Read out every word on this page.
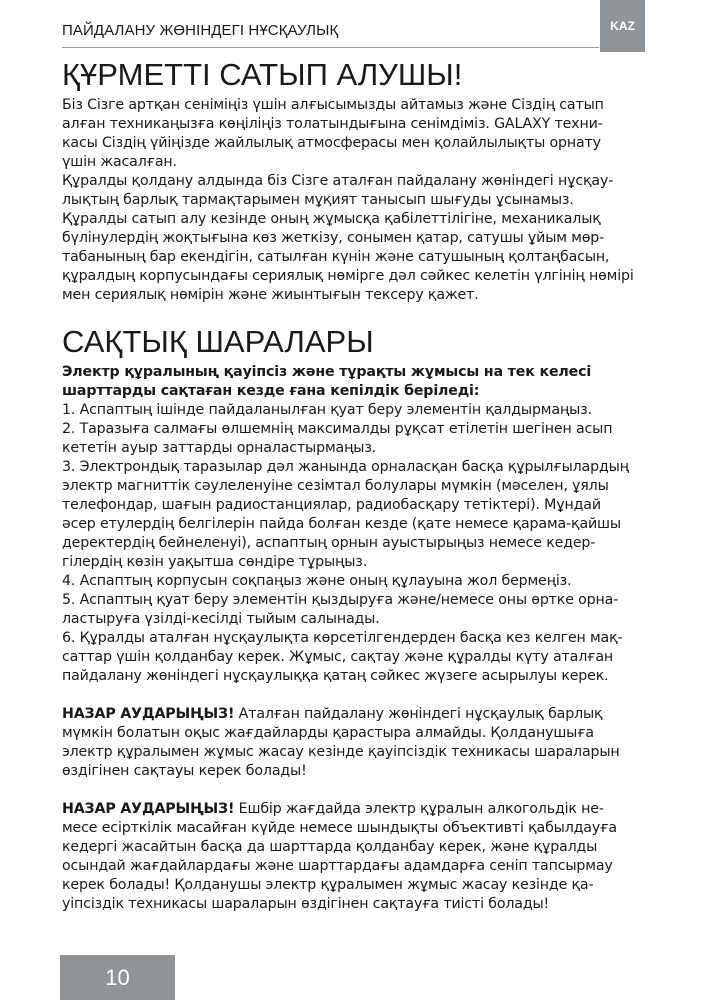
ПАЙДАЛАНУ ЖӨНІНДЕГІ НҰСҚАУЛЫҚ	KAZ
ҚҰРМЕТТІ САТЫП АЛУШЫ!

Біз Сізге артқан сеніміңіз үшін алғысымызды айтамыз және Сіздің сатып

алған техникаңызға көңіліңіз толатындығына сенімдіміз. GALAXY техни-

касы Сіздің үйіңізде жайлылық атмосферасы мен қолайлылықты орнату

үшін жасалған.

Құралды қолдану алдында біз Сізге аталған пайдалану жөніндегі нұсқау-

лықтың барлық тармақтарымен мұқият танысып шығуды ұсынамыз.

Құралды сатып алу кезінде оның жұмысқа қабілеттілігіне, механикалық

бүлінулердің жоқтығына көз жеткізу, сонымен қатар, сатушы ұйым мөр-

табанының бар екендігін, сатылған күнін және сатушының қолтаңбасын,

құралдың корпусындағы сериялық нөмірге дәл сәйкес келетін үлгінің нөмірі

мен сериялық нөмірін және жиынтығын тексеру қажет.

САҚТЫҚ ШАРАЛАРЫ

Электр құралының қауіпсіз және тұрақты жұмысы на тек келесі

шарттарды сақтаған кезде ғана кепілдік беріледі:

1. Аспаптың ішінде пайдаланылған қуат беру элементін қалдырмаңыз.

2. Таразыға салмағы өлшемнің максималды рұқсат етілетін шегінен асып

кететін ауыр заттарды орналастырмаңыз.

3. Электрондық таразылар дәл жанында орналасқан басқа құрылғылардың

электр магниттік сәулеленуіне сезімтал болулары мүмкін (мәселен, ұялы

телефондар, шағын радиостанциялар, радиобасқару тетіктері). Мұндай

әсер етулердің белгілерін пайда болған кезде (қате немесе қарама-қайшы

деректердің бейнеленуі), аспаптың орнын ауыстырыңыз немесе кедер-

гілердің көзін уақытша сөндіре тұрыңыз.

4. Аспаптың корпусын соқпаңыз және оның құлауына жол бермеңіз.

5. Аспаптың қуат беру элементін қыздыруға және/немесе оны өртке орна-

ластыруға үзілді-кесілді тыйым салынады.

6. Құралды аталған нұсқаулықта көрсетілгендерден басқа кез келген мақ-

саттар үшін қолданбау керек. Жұмыс, сақтау және құралды күту аталған

пайдалану жөніндегі нұсқаулыққа қатаң сәйкес жүзеге асырылуы керек.

НАЗАР АУДАРЫҢЫЗ! Аталған пайдалану жөніндегі нұсқаулық барлық

мүмкін болатын оқыс жағдайларды қарастыра алмайды. Қолданушыға

электр құралымен жұмыс жасау кезінде қауіпсіздік техникасы шараларын

өздігінен сақтауы керек болады!

НАЗАР АУДАРЫҢЫЗ! Ешбір жағдайда электр құралын алкогольдік не-

месе есірткілік масайған күйде немесе шындықты объективті қабылдауға

кедергі жасайтын басқа да шарттарда қолданбау керек, және құралды

осындай жағдайлардағы және шарттардағы адамдарға сеніп тапсырмау

керек болады! Қолданушы электр құралымен жұмыс жасау кезінде қа-

уіпсіздік техникасы шараларын өздігінен сақтауға тиісті болады!

10
